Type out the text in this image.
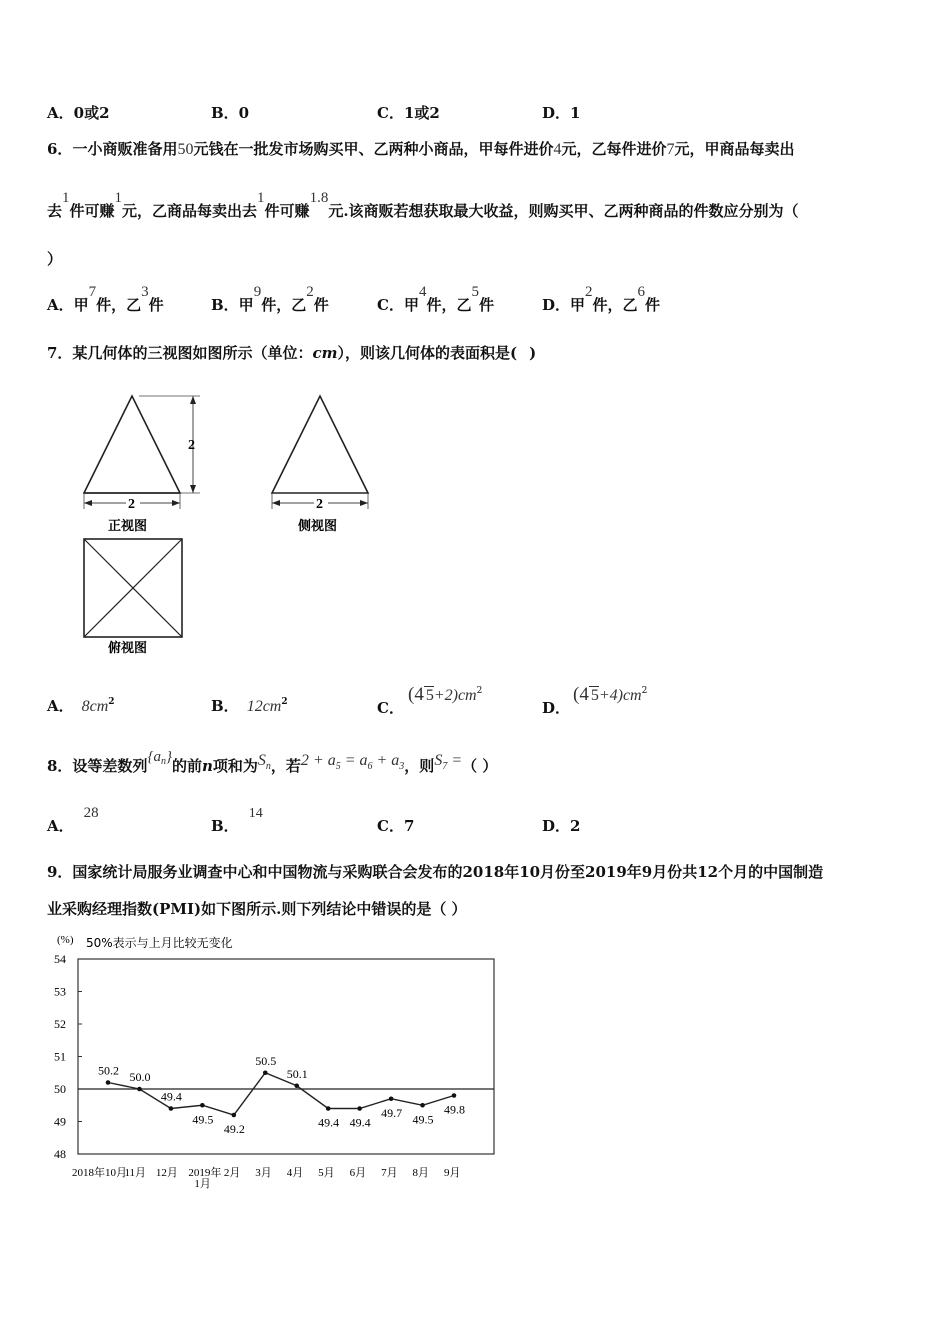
A．0或2	B．0	C．1或2	D．1
6．一小商贩准备用50元钱在一批发市场购买甲、乙两种小商品，甲每件进价4元，乙每件进价7元，甲商品每卖出
去1件可赚1元，乙商品每卖出去1件可赚1.8元.该商贩若想获取最大收益，则购买甲、乙两种商品的件数应分别为（
）
A．甲7件，乙3件	B．甲9件，乙2件	C．甲4件，乙5件	D．甲2件，乙6件
7．某几何体的三视图如图所示（单位：cm），则该几何体的表面积是( )
2
2
正视图
2
侧视图
俯视图
A． $8cm^2$	B． $12cm^2$	C．
(4 $5+2)cm^2$
D．
(4 $5+4)cm^2$
8．设等差数列$\{a^n\}$的前n项和为Sn，若2 + a5 = a6 + a3，则S7 =（ ）
A．28
B．14
C．7	D．2
9．国家统计局服务业调查中心和中国物流与采购联合会发布的2018年10月份至2019年9月份共12个月的中国制造
业采购经理指数(PMI)如下图所示.则下列结论中错误的是（ ）
(%) 50%表示与上月比较无变化
48
49
50
51
52
53
54
2018年10月
11月 12月 2019年 2月 3月 4月 5月 6月 7月 8月 9月
1月
50.2 50.0
49.4
49.5
49.2
50.5
50.1
49.4 49.4
49.7 49.5
49.8
